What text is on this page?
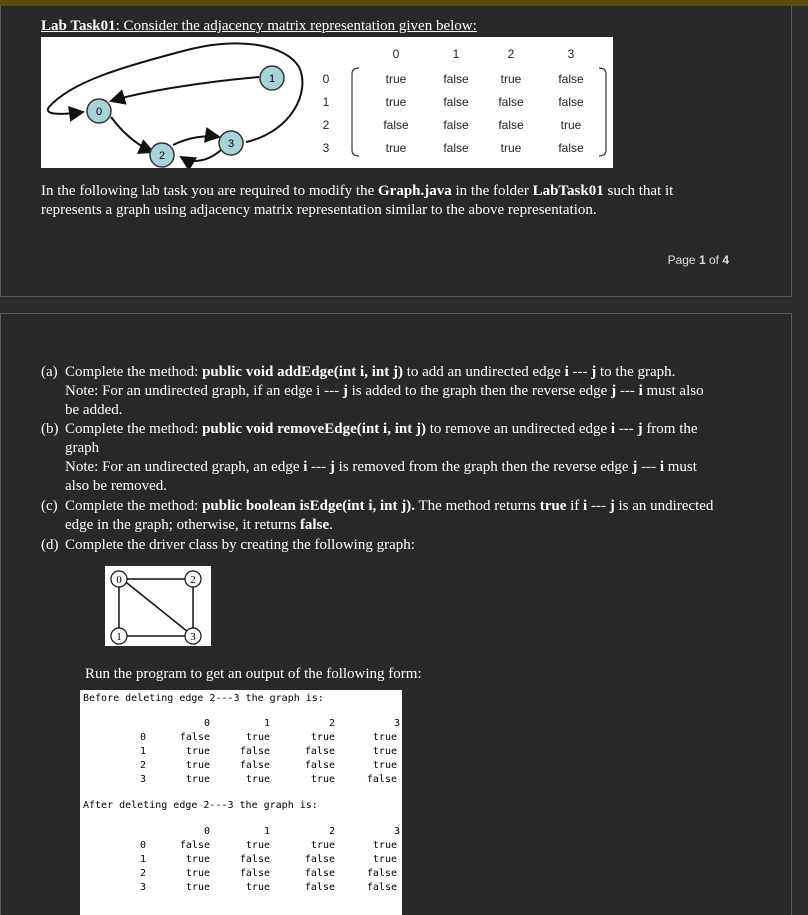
Lab Task01: Consider the adjacency matrix representation given below:
0
1
2
3
0	1	2	3
0	true	false	true	false
1	true	false	false	false
2	false	false	false	true
3	true	false	true	false
In the following lab task you are required to modify the Graph.java in the folder LabTask01 such that it
represents a graph using adjacency matrix representation similar to the above representation.
Page 1 of 4
(a) Complete the method: public void addEdge(int i, int j) to add an undirected edge i --- j to the graph.
Note: For an undirected graph, if an edge i --- j is added to the graph then the reverse edge j --- i must also
be added.
(b) Complete the method: public void removeEdge(int i, int j) to remove an undirected edge i --- j from the
graph
Note: For an undirected graph, an edge i --- j is removed from the graph then the reverse edge j --- i must
also be removed.
(c) Complete the method: public boolean isEdge(int i, int j). The method returns true if i --- j is an undirected
edge in the graph; otherwise, it returns false.
(d) Complete the driver class by creating the following graph:
0	2
1	3
Run the program to get an output of the following form:
Before deleting edge 2---3 the graph is:
0	1	2	3
0	false	true	true	true
1	true	false	false	true
2	true	false	false	true
3	true	true	true	false
After deleting edge 2---3 the graph is:
0	1	2	3
0	false	true	true	true
1	true	false	false	true
2	true	false	false	false
3	true	true	false	false
